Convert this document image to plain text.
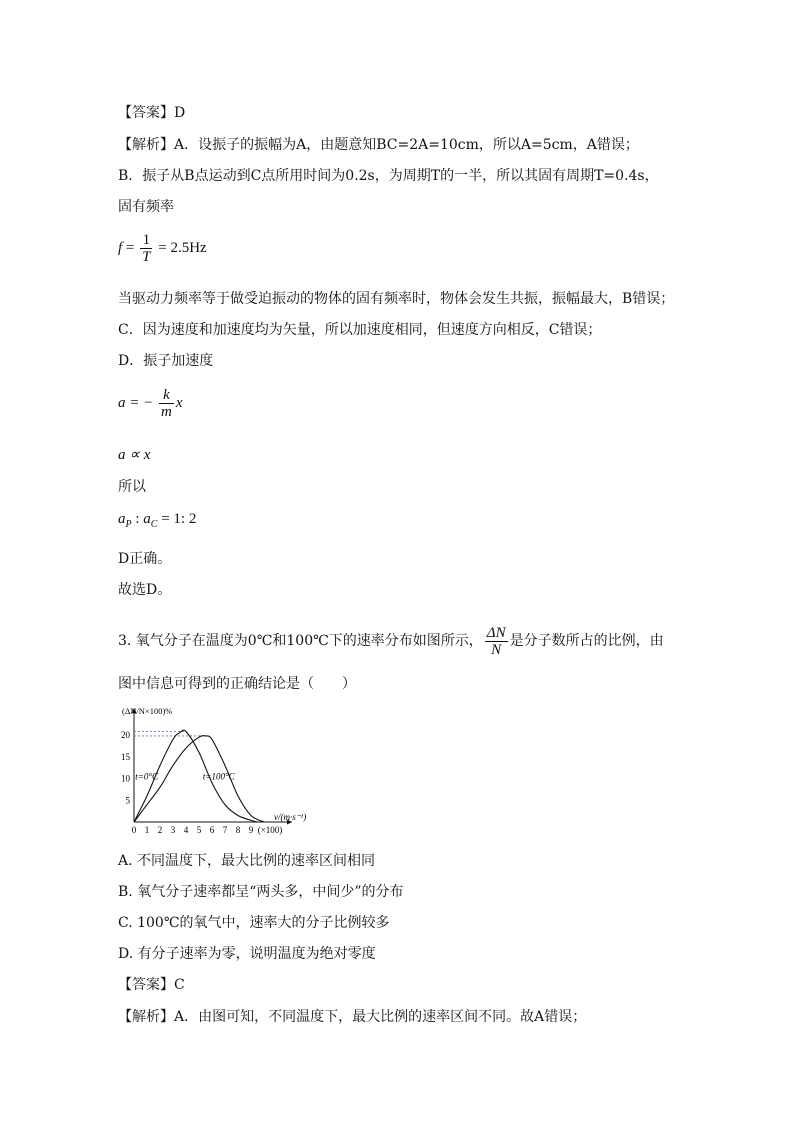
【答案】D
【解析】A．设振子的振幅为A，由题意知BC=2A=10cm，所以A=5cm，A错误；
B．振子从B点运动到C点所用时间为0.2s，为周期T的一半，所以其固有周期T=0.4s，
固有频率
$f = \frac{1}{T} = 2.5Hz$
当驱动力频率等于做受迫振动的物体的固有频率时，物体会发生共振，振幅最大，B错误；
C．因为速度和加速度均为矢量，所以加速度相同，但速度方向相反，C错误；
D．振子加速度
a = − $\frac{k}{m}$ x
a ∝ x
所以
$a_P$ : $a_C = 1$: 2
D正确。
故选D。
3. 氧气分子在温度为0℃和100℃下的速率分布如图所示， $\frac{\Delta N}{N}$ 是分子数所占的比例，由
图中信息可得到的正确结论是（　　）
0 1 2 3 4 5 6 7 8 9 (×100)
v/(m·s⁻¹)
5
10
15
20
(ΔN/N×100)%
t=0°C	t=100°C
A. 不同温度下，最大比例的速率区间相同
B. 氧气分子速率都呈“两头多，中间少”的分布
C. 100℃的氧气中，速率大的分子比例较多
D. 有分子速率为零，说明温度为绝对零度
【答案】C
【解析】A．由图可知，不同温度下，最大比例的速率区间不同。故A错误；
